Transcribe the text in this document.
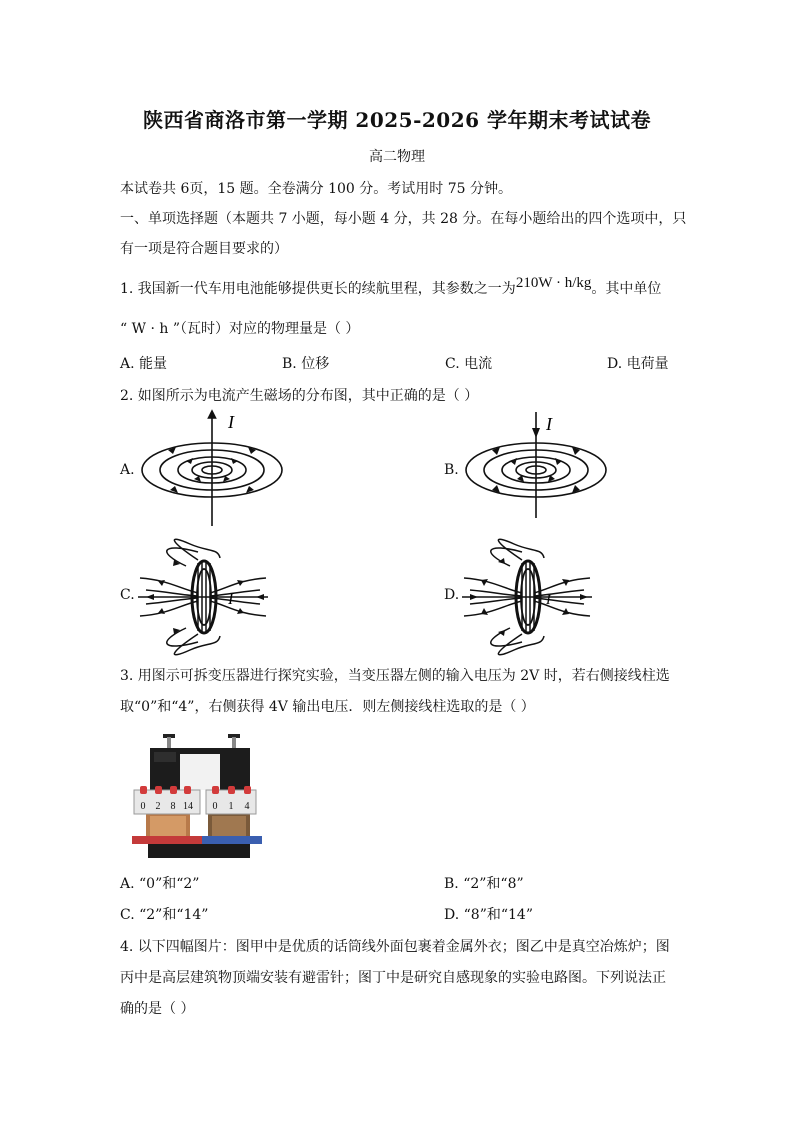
陕西省商洛市第一学期 2025-2026 学年期末考试试卷
高二物理
本试卷共 6页，15 题。全卷满分 100 分。考试用时 75 分钟。
一、单项选择题（本题共 7 小题，每小题 4 分，共 28 分。在每小题给出的四个选项中，只
有一项是符合题目要求的）
1. 我国新一代车用电池能够提供更长的续航里程，其参数之一为210W · h/kg。其中单位
“ W · h ”（瓦时）对应的物理量是（ ）
A. 能量	B. 位移	C. 电流	D. 电荷量
2. 如图所示为电流产生磁场的分布图，其中正确的是（ ）
A.	B.
C.	D.
I	I
I	I
3. 用图示可拆变压器进行探究实验，当变压器左侧的输入电压为 2V 时，若右侧接线柱选
取“0”和“4”，右侧获得 4V 输出电压．则左侧接线柱选取的是（ ）
0 2 8 14 0 1 4
A. “0”和“2”	B. “2”和“8”
C. “2”和“14”	D. “8”和“14”
4. 以下四幅图片：图甲中是优质的话筒线外面包裹着金属外衣；图乙中是真空冶炼炉；图
丙中是高层建筑物顶端安装有避雷针；图丁中是研究自感现象的实验电路图。下列说法正
确的是（ ）
